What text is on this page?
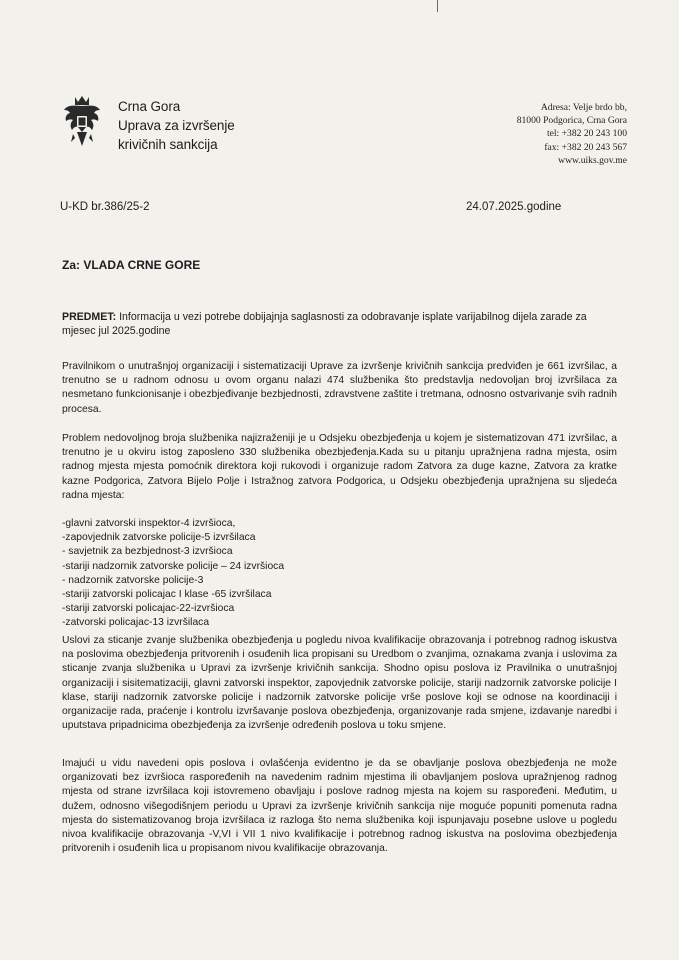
Crna Gora
Uprava za izvršenje
krivičnih sankcija
Adresa: Velje brdo bb,
81000 Podgorica, Crna Gora
tel: +382 20 243 100
fax: +382 20 243 567
www.uiks.gov.me
U-KD br.386/25-2	24.07.2025.godine
Za: VLADA CRNE GORE
PREDMET: Informacija u vezi potrebe dobijajnja saglasnosti za odobravanje isplate varijabilnog dijela zarade za mjesec jul 2025.godine
Pravilnikom o unutrašnjoj organizaciji i sistematizaciji Uprave za izvršenje krivičnih sankcija predviđen je 661 izvršilac, a trenutno se u radnom odnosu u ovom organu nalazi 474 službenika što predstavlja nedovoljan broj izvršilaca za nesmetano funkcionisanje i obezbjeđivanje bezbjednosti, zdravstvene zaštite i tretmana, odnosno ostvarivanje svih radnih procesa.
Problem nedovoljnog broja službenika najizraženiji je u Odsjeku obezbjeđenja u kojem je sistematizovan 471 izvršilac, a trenutno je u okviru istog zaposleno 330 službenika obezbjeđenja.Kada su u pitanju upražnjena radna mjesta, osim radnog mjesta mjesta pomoćnik direktora koji rukovodi i organizuje radom Zatvora za duge kazne, Zatvora za kratke kazne Podgorica, Zatvora Bijelo Polje i Istražnog zatvora Podgorica, u Odsjeku obezbjeđenja upražnjena su sljedeća radna mjesta:
-glavni zatvorski inspektor-4 izvršioca,
-zapovjednik zatvorske policije-5 izvršilaca
- savjetnik za bezbjednost-3 izvršioca
-stariji nadzornik zatvorske policije – 24 izvršioca
- nadzornik zatvorske policije-3
-stariji zatvorski policajac I klase -65 izvršilaca
-stariji zatvorski policajac-22-izvršioca
-zatvorski policajac-13 izvršilaca
Uslovi za sticanje zvanje službenika obezbjeđenja u pogledu nivoa kvalifikacije obrazovanja i potrebnog radnog iskustva na poslovima obezbjeđenja pritvorenih i osuđenih lica propisani su Uredbom o zvanjima, oznakama zvanja i uslovima za sticanje zvanja službenika u Upravi za izvršenje krivičnih sankcija. Shodno opisu poslova iz Pravilnika o unutrašnjoj organizaciji i sisitematizaciji, glavni zatvorski inspektor, zapovjednik zatvorske policije, stariji nadzornik zatvorske policije I klase, stariji nadzornik zatvorske policije i nadzornik zatvorske policije vrše poslove koji se odnose na koordinaciji i organizacije rada, praćenje i kontrolu izvršavanje poslova obezbjeđenja, organizovanje rada smjene, izdavanje naredbi i uputstava pripadnicima obezbjeđenja za izvršenje određenih poslova u toku smjene.
Imajući u vidu navedeni opis poslova i ovlašćenja evidentno je da se obavljanje poslova obezbjeđenja ne može organizovati bez izvršioca raspoređenih na navedenim radnim mjestima ili obavljanjem poslova upražnjenog radnog mjesta od strane izvršilaca koji istovremeno obavljaju i poslove radnog mjesta na kojem su raspoređeni. Međutim, u dužem, odnosno višegodišnjem periodu u Upravi za izvršenje krivičnih sankcija nije moguće popuniti pomenuta radna mjesta do sistematizovanog broja izvršilaca iz razloga što nema službenika koji ispunjavaju posebne uslove u pogledu nivoa kvalifikacije obrazovanja -V,VI i VII 1 nivo kvalifikacije i potrebnog radnog iskustva na poslovima obezbjeđenja pritvorenih i osuđenih lica u propisanom nivou kvalifikacije obrazovanja.
